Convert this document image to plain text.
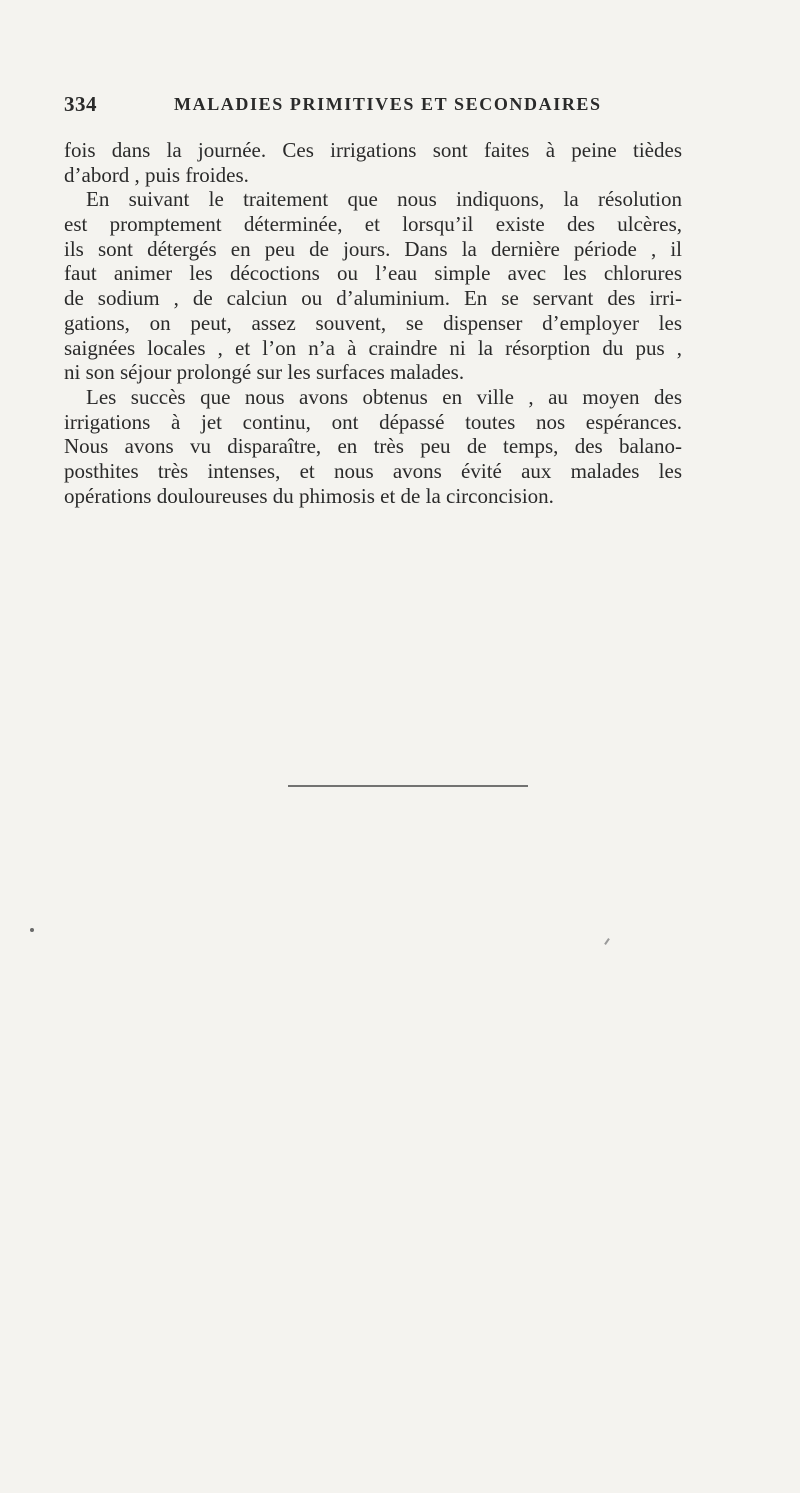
334	MALADIES PRIMITIVES ET SECONDAIRES
fois dans la journée. Ces irrigations sont faites à peine tièdes
d’abord , puis froides.
En suivant le traitement que nous indiquons, la résolution
est promptement déterminée, et lorsqu’il existe des ulcères,
ils sont détergés en peu de jours. Dans la dernière période , il
faut animer les décoctions ou l’eau simple avec les chlorures
de sodium , de calciun ou d’aluminium. En se servant des irri-
gations, on peut, assez souvent, se dispenser d’employer les
saignées locales , et l’on n’a à craindre ni la résorption du pus ,
ni son séjour prolongé sur les surfaces malades.
Les succès que nous avons obtenus en ville , au moyen des
irrigations à jet continu, ont dépassé toutes nos espérances.
Nous avons vu disparaître, en très peu de temps, des balano-
posthites très intenses, et nous avons évité aux malades les
opérations douloureuses du phimosis et de la circoncision.
